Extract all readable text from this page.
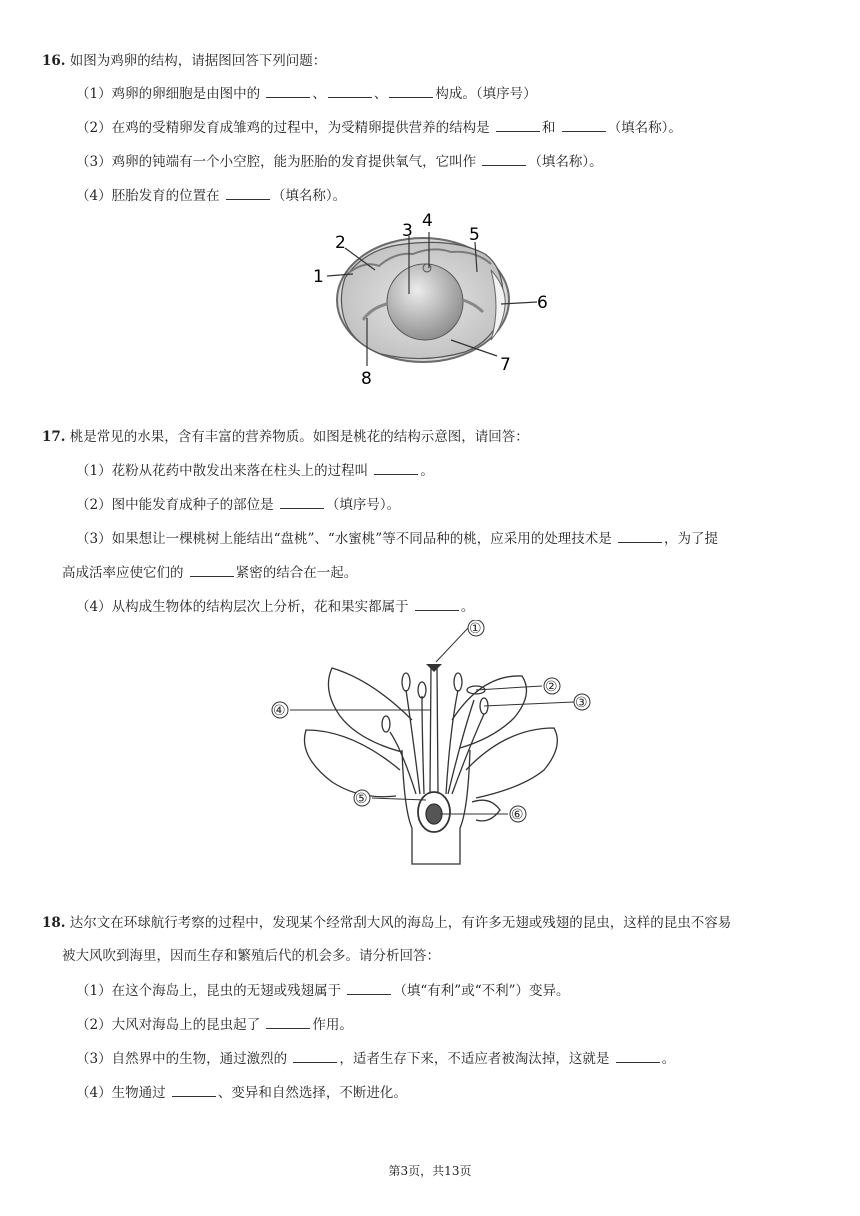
16. 如图为鸡卵的结构，请据图回答下列问题：
（1）鸡卵的卵细胞是由图中的	、	、	构成。（填序号）
（2）在鸡的受精卵发育成雏鸡的过程中，为受精卵提供营养的结构是	和	（填名称）。
（3）鸡卵的钝端有一个小空腔，能为胚胎的发育提供氧气，它叫作	（填名称）。
（4）胚胎发育的位置在	（填名称）。
1
2
3 4
5
6
7
8
17. 桃是常见的水果，含有丰富的营养物质。如图是桃花的结构示意图，请回答：
（1）花粉从花药中散发出来落在柱头上的过程叫	。
（2）图中能发育成种子的部位是	（填序号）。
（3）如果想让一棵桃树上能结出“盘桃”、“水蜜桃”等不同品种的桃，应采用的处理技术是	，为了提
高成活率应使它们的	紧密的结合在一起。
（4）从构成生物体的结构层次上分析，花和果实都属于	。
①
②
③
④
⑤
⑥
18. 达尔文在环球航行考察的过程中，发现某个经常刮大风的海岛上，有许多无翅或残翅的昆虫，这样的昆虫不容易
被大风吹到海里，因而生存和繁殖后代的机会多。请分析回答：
（1）在这个海岛上，昆虫的无翅或残翅属于	（填“有利”或“不利”）变异。
（2）大风对海岛上的昆虫起了	作用。
（3）自然界中的生物，通过激烈的	，适者生存下来，不适应者被淘汰掉，这就是	。
（4）生物通过	、变异和自然选择，不断进化。
第3页，共13页
